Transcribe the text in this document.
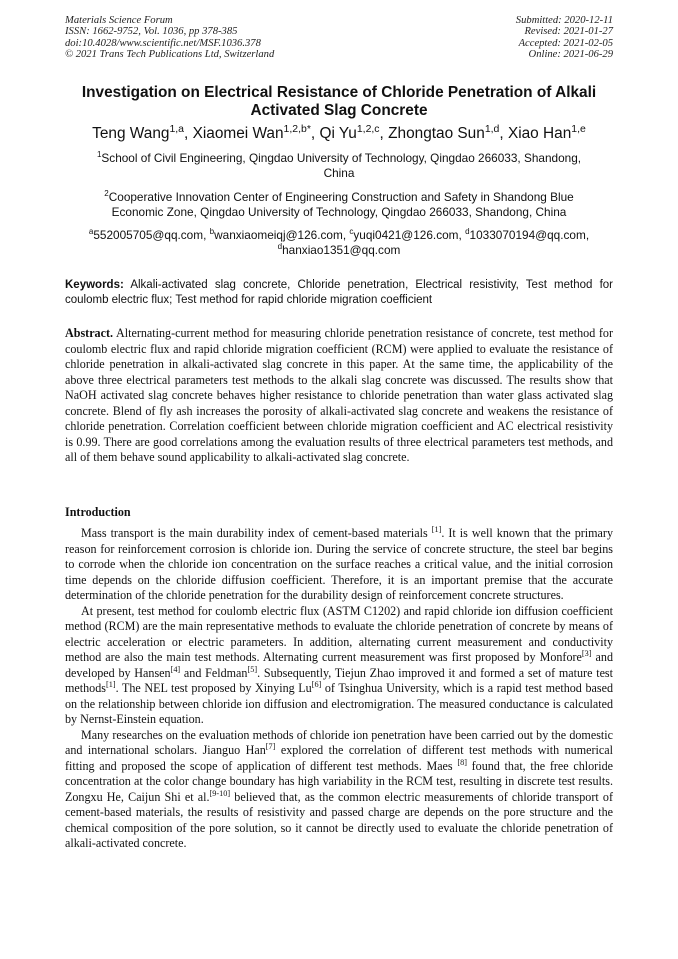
Materials Science Forum
ISSN: 1662-9752, Vol. 1036, pp 378-385
doi:10.4028/www.scientific.net/MSF.1036.378
© 2021 Trans Tech Publications Ltd, Switzerland
Submitted: 2020-12-11
Revised: 2021-01-27
Accepted: 2021-02-05
Online: 2021-06-29
Investigation on Electrical Resistance of Chloride Penetration of Alkali Activated Slag Concrete
Teng Wang$^{1,a}$, Xiaomei Wan$^{1,2,b*}$, Qi Yu$^{1,2,c}$, Zhongtao Sun$^{1,d}$, Xiao Han$^{1,e}$
$^1$School of Civil Engineering, Qingdao University of Technology, Qingdao 266033, Shandong, China
$^2$Cooperative Innovation Center of Engineering Construction and Safety in Shandong Blue Economic Zone, Qingdao University of Technology, Qingdao 266033, Shandong, China
$^a$552005705@qq.com, $^b$wanxiaomeiqj@126.com, $^c$yuqi0421@126.com, $^d$1033070194@qq.com,
$^d$hanxiao1351@qq.com
Keywords: Alkali-activated slag concrete, Chloride penetration, Electrical resistivity, Test method for coulomb electric flux; Test method for rapid chloride migration coefficient
Abstract. Alternating-current method for measuring chloride penetration resistance of concrete, test method for coulomb electric flux and rapid chloride migration coefficient (RCM) were applied to evaluate the resistance of chloride penetration in alkali-activated slag concrete in this paper. At the same time, the applicability of the above three electrical parameters test methods to the alkali slag concrete was discussed. The results show that NaOH activated slag concrete behaves higher resistance to chloride penetration than water glass activated slag concrete. Blend of fly ash increases the porosity of alkali-activated slag concrete and weakens the resistance of chloride penetration. Correlation coefficient between chloride migration coefficient and AC electrical resistivity is 0.99. There are good correlations among the evaluation results of three electrical parameters test methods, and all of them behave sound applicability to alkali-activated slag concrete.
Introduction

Mass transport is the main durability index of cement-based materials [1]. It is well known that the primary reason for reinforcement corrosion is chloride ion. During the service of concrete structure, the steel bar begins to corrode when the chloride ion concentration on the surface reaches a critical value, and the initial corrosion time depends on the chloride diffusion coefficient. Therefore, it is an important premise that the accurate determination of the chloride penetration for the durability design of reinforcement concrete structures.

At present, test method for coulomb electric flux (ASTM C1202) and rapid chloride ion diffusion coefficient method (RCM) are the main representative methods to evaluate the chloride penetration of concrete by means of electric acceleration or electric parameters. In addition, alternating current measurement and conductivity method are also the main test methods. Alternating current measurement was first proposed by Monfore[3] and developed by Hansen[4] and Feldman[5]. Subsequently, Tiejun Zhao improved it and formed a set of mature test methods[1]. The NEL test proposed by Xinying Lu[6] of Tsinghua University, which is a rapid test method based on the relationship between chloride ion diffusion and electromigration. The measured conductance is calculated by Nernst-Einstein equation.

Many researches on the evaluation methods of chloride ion penetration have been carried out by the domestic and international scholars. Jianguo Han[7] explored the correlation of different test methods with numerical fitting and proposed the scope of application of different test methods. Maes [8] found that, the free chloride concentration at the color change boundary has high variability in the RCM test, resulting in discrete test results. Zongxu He, Caijun Shi et al.[9-10] believed that, as the common electric measurements of chloride transport of cement-based materials, the results of resistivity and passed charge are depends on the pore structure and the chemical composition of the pore solution, so it cannot be directly used to evaluate the chloride penetration of alkali-activated concrete.
